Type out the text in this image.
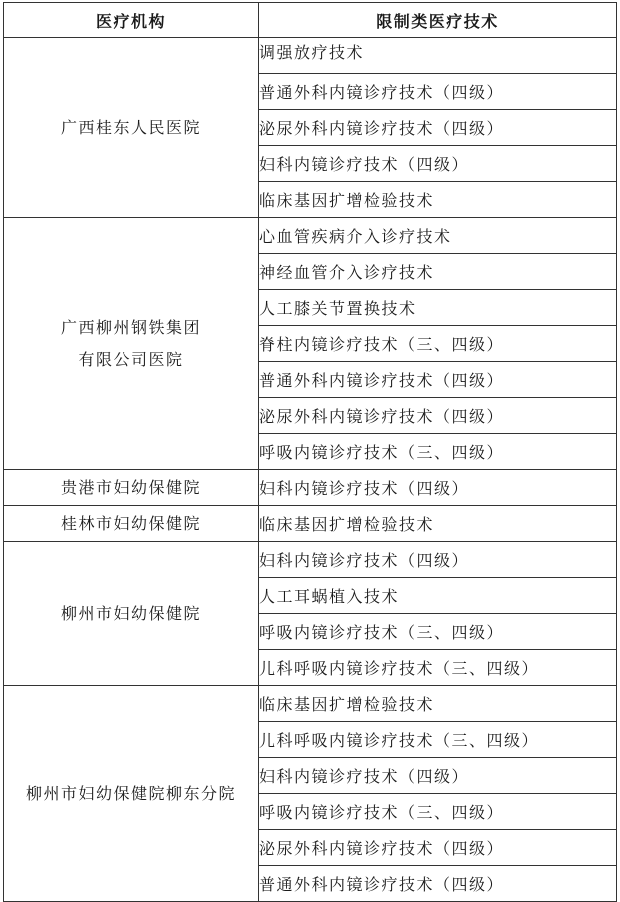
医疗机构	限制类医疗技术

广西桂东人民医院	调强放疗技术
	普通外科内镜诊疗技术（四级）
	泌尿外科内镜诊疗技术（四级）
	妇科内镜诊疗技术（四级）
	临床基因扩增检验技术

广西柳州钢铁集团
有限公司医院	心血管疾病介入诊疗技术
	神经血管介入诊疗技术
	人工膝关节置换技术
	脊柱内镜诊疗技术（三、四级）
	普通外科内镜诊疗技术（四级）
	泌尿外科内镜诊疗技术（四级）
	呼吸内镜诊疗技术（三、四级）

贵港市妇幼保健院	妇科内镜诊疗技术（四级）

桂林市妇幼保健院	临床基因扩增检验技术

柳州市妇幼保健院	妇科内镜诊疗技术（四级）
	人工耳蜗植入技术
	呼吸内镜诊疗技术（三、四级）
	儿科呼吸内镜诊疗技术（三、四级）

柳州市妇幼保健院柳东分院	临床基因扩增检验技术
	儿科呼吸内镜诊疗技术（三、四级）
	妇科内镜诊疗技术（四级）
	呼吸内镜诊疗技术（三、四级）
	泌尿外科内镜诊疗技术（四级）
	普通外科内镜诊疗技术（四级）
